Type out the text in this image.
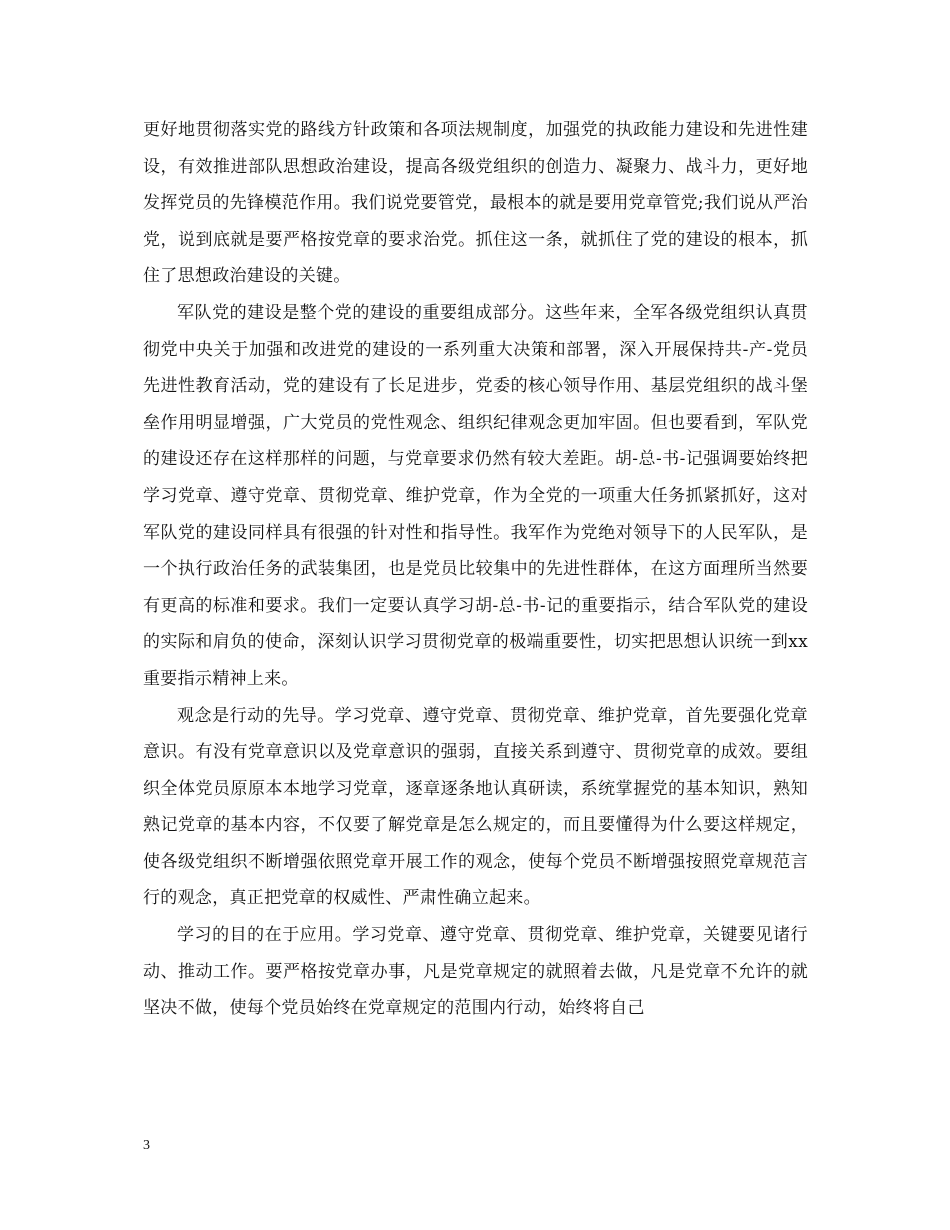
更好地贯彻落实党的路线方针政策和各项法规制度，加强党的执政能力建设和先进性建设，有效推进部队思想政治建设，提高各级党组织的创造力、凝聚力、战斗力，更好地发挥党员的先锋模范作用。我们说党要管党，最根本的就是要用党章管党;我们说从严治党，说到底就是要严格按党章的要求治党。抓住这一条，就抓住了党的建设的根本，抓住了思想政治建设的关键。

军队党的建设是整个党的建设的重要组成部分。这些年来，全军各级党组织认真贯彻党中央关于加强和改进党的建设的一系列重大决策和部署，深入开展保持共-产-党员先进性教育活动，党的建设有了长足进步，党委的核心领导作用、基层党组织的战斗堡垒作用明显增强，广大党员的党性观念、组织纪律观念更加牢固。但也要看到，军队党的建设还存在这样那样的问题，与党章要求仍然有较大差距。胡-总-书-记强调要始终把学习党章、遵守党章、贯彻党章、维护党章，作为全党的一项重大任务抓紧抓好，这对军队党的建设同样具有很强的针对性和指导性。我军作为党绝对领导下的人民军队，是一个执行政治任务的武装集团，也是党员比较集中的先进性群体，在这方面理所当然要有更高的标准和要求。我们一定要认真学习胡-总-书-记的重要指示，结合军队党的建设的实际和肩负的使命，深刻认识学习贯彻党章的极端重要性，切实把思想认识统一到xx重要指示精神上来。

观念是行动的先导。学习党章、遵守党章、贯彻党章、维护党章，首先要强化党章意识。有没有党章意识以及党章意识的强弱，直接关系到遵守、贯彻党章的成效。要组织全体党员原原本本地学习党章，逐章逐条地认真研读，系统掌握党的基本知识，熟知熟记党章的基本内容，不仅要了解党章是怎么规定的，而且要懂得为什么要这样规定，使各级党组织不断增强依照党章开展工作的观念，使每个党员不断增强按照党章规范言行的观念，真正把党章的权威性、严肃性确立起来。

学习的目的在于应用。学习党章、遵守党章、贯彻党章、维护党章，关键要见诸行动、推动工作。要严格按党章办事，凡是党章规定的就照着去做，凡是党章不允许的就坚决不做，使每个党员始终在党章规定的范围内行动，始终将自己

3
